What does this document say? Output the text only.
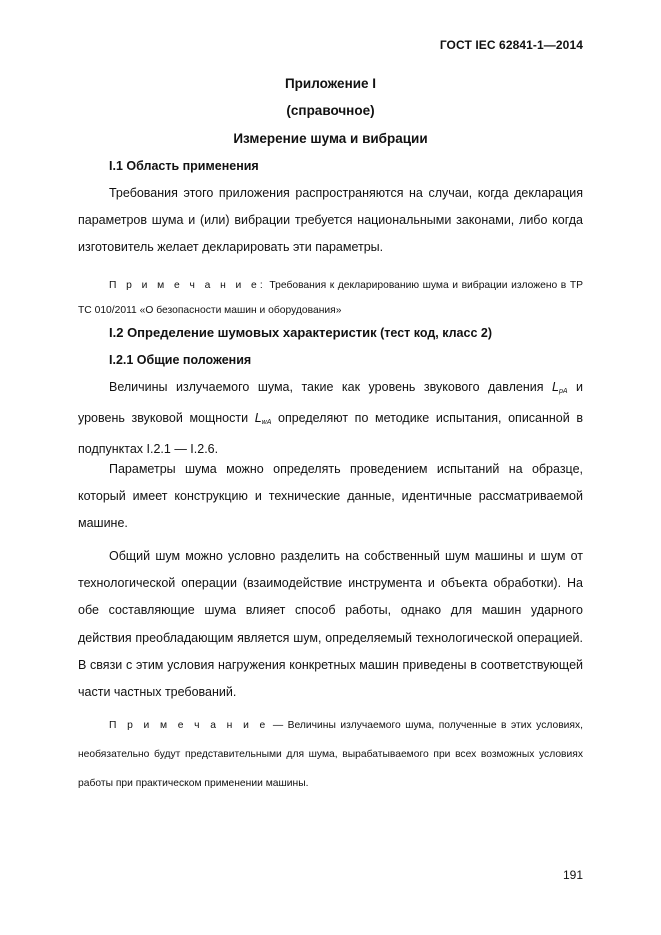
ГОСТ IEC 62841-1—2014
Приложение I
(справочное)
Измерение шума и вибрации
I.1 Область применения

Требования этого приложения распространяются на случаи, когда декларация параметров шума и (или) вибрации требуется национальными законами, либо когда изготовитель желает декларировать эти параметры.

П р и м е ч а н и е: Требования к декларированию шума и вибрации изложено в ТР ТС 010/2011 «О безопасности машин и оборудования»

I.2 Определение шумовых характеристик (тест код, класс 2)
I.2.1 Общие положения

Величины излучаемого шума, такие как уровень звукового давления $L_{pA}$ и уровень звуковой мощности $L_{wA}$ определяют по методике испытания, описанной в подпунктах I.2.1 — I.2.6.

Параметры шума можно определять проведением испытаний на образце, который имеет конструкцию и технические данные, идентичные рассматриваемой машине.

Общий шум можно условно разделить на собственный шум машины и шум от технологической операции (взаимодействие инструмента и объекта обработки). На обе составляющие шума влияет способ работы, однако для машин ударного действия преобладающим является шум, определяемый технологической операцией. В связи с этим условия нагружения конкретных машин приведены в соответствующей части частных требований.

П р и м е ч а н и е — Величины излучаемого шума, полученные в этих условиях, необязательно будут представительными для шума, вырабатываемого при всех возможных условиях работы при практическом применении машины.

191
